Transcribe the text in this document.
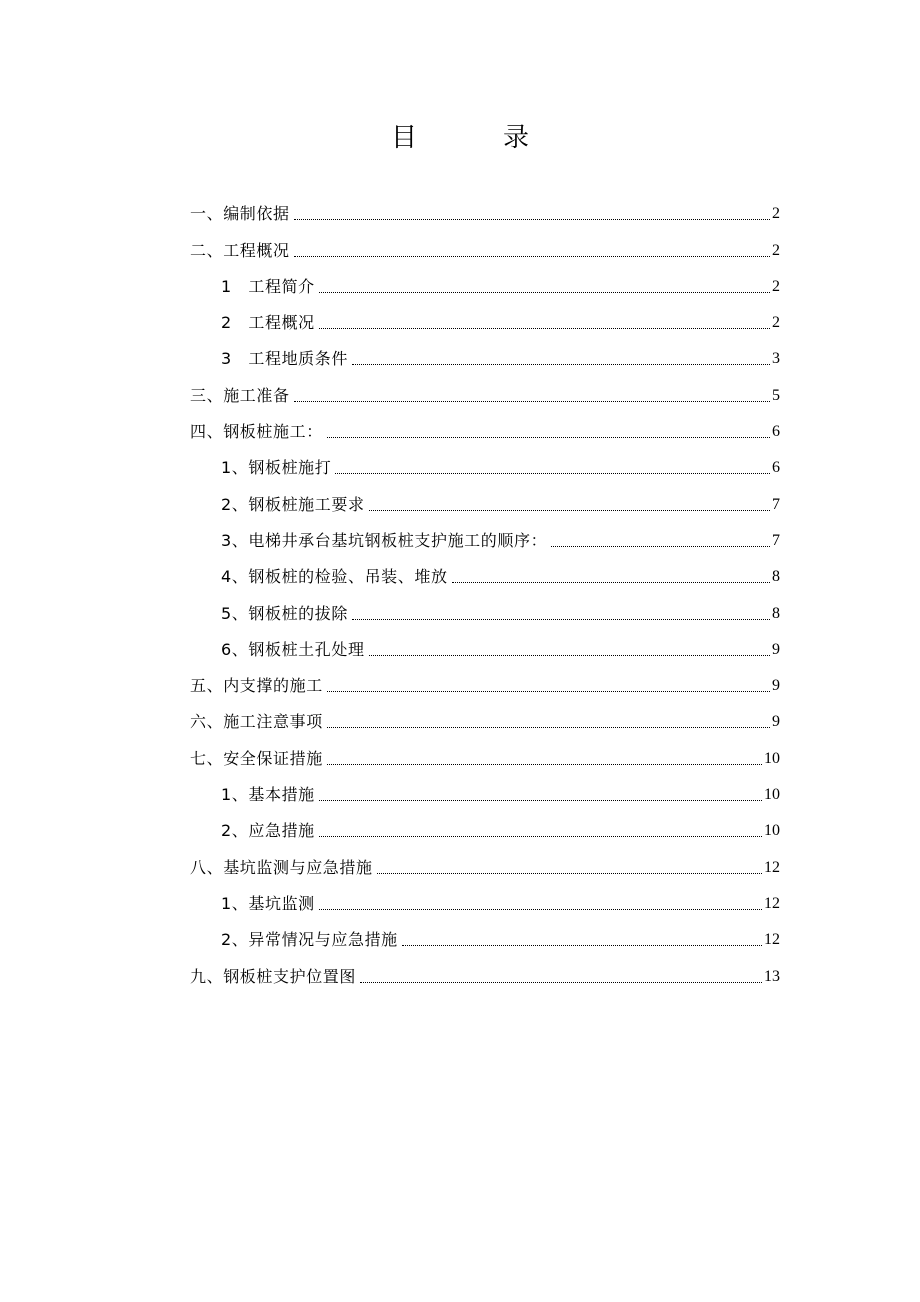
目	录
一、编制依据	2
二、工程概况	2
1　工程简介	2
2　工程概况	2
3　工程地质条件	3
三、施工准备	5
四、钢板桩施工：	6
1、钢板桩施打	6
2、钢板桩施工要求	7
3、电梯井承台基坑钢板桩支护施工的顺序：	7
4、钢板桩的检验、吊装、堆放	8
5、钢板桩的拔除	8
6、钢板桩土孔处理	9
五、内支撑的施工	9
六、施工注意事项	9
七、安全保证措施	10
1、基本措施	10
2、应急措施	10
八、基坑监测与应急措施	12
1、基坑监测	12
2、异常情况与应急措施	12
九、钢板桩支护位置图	13
